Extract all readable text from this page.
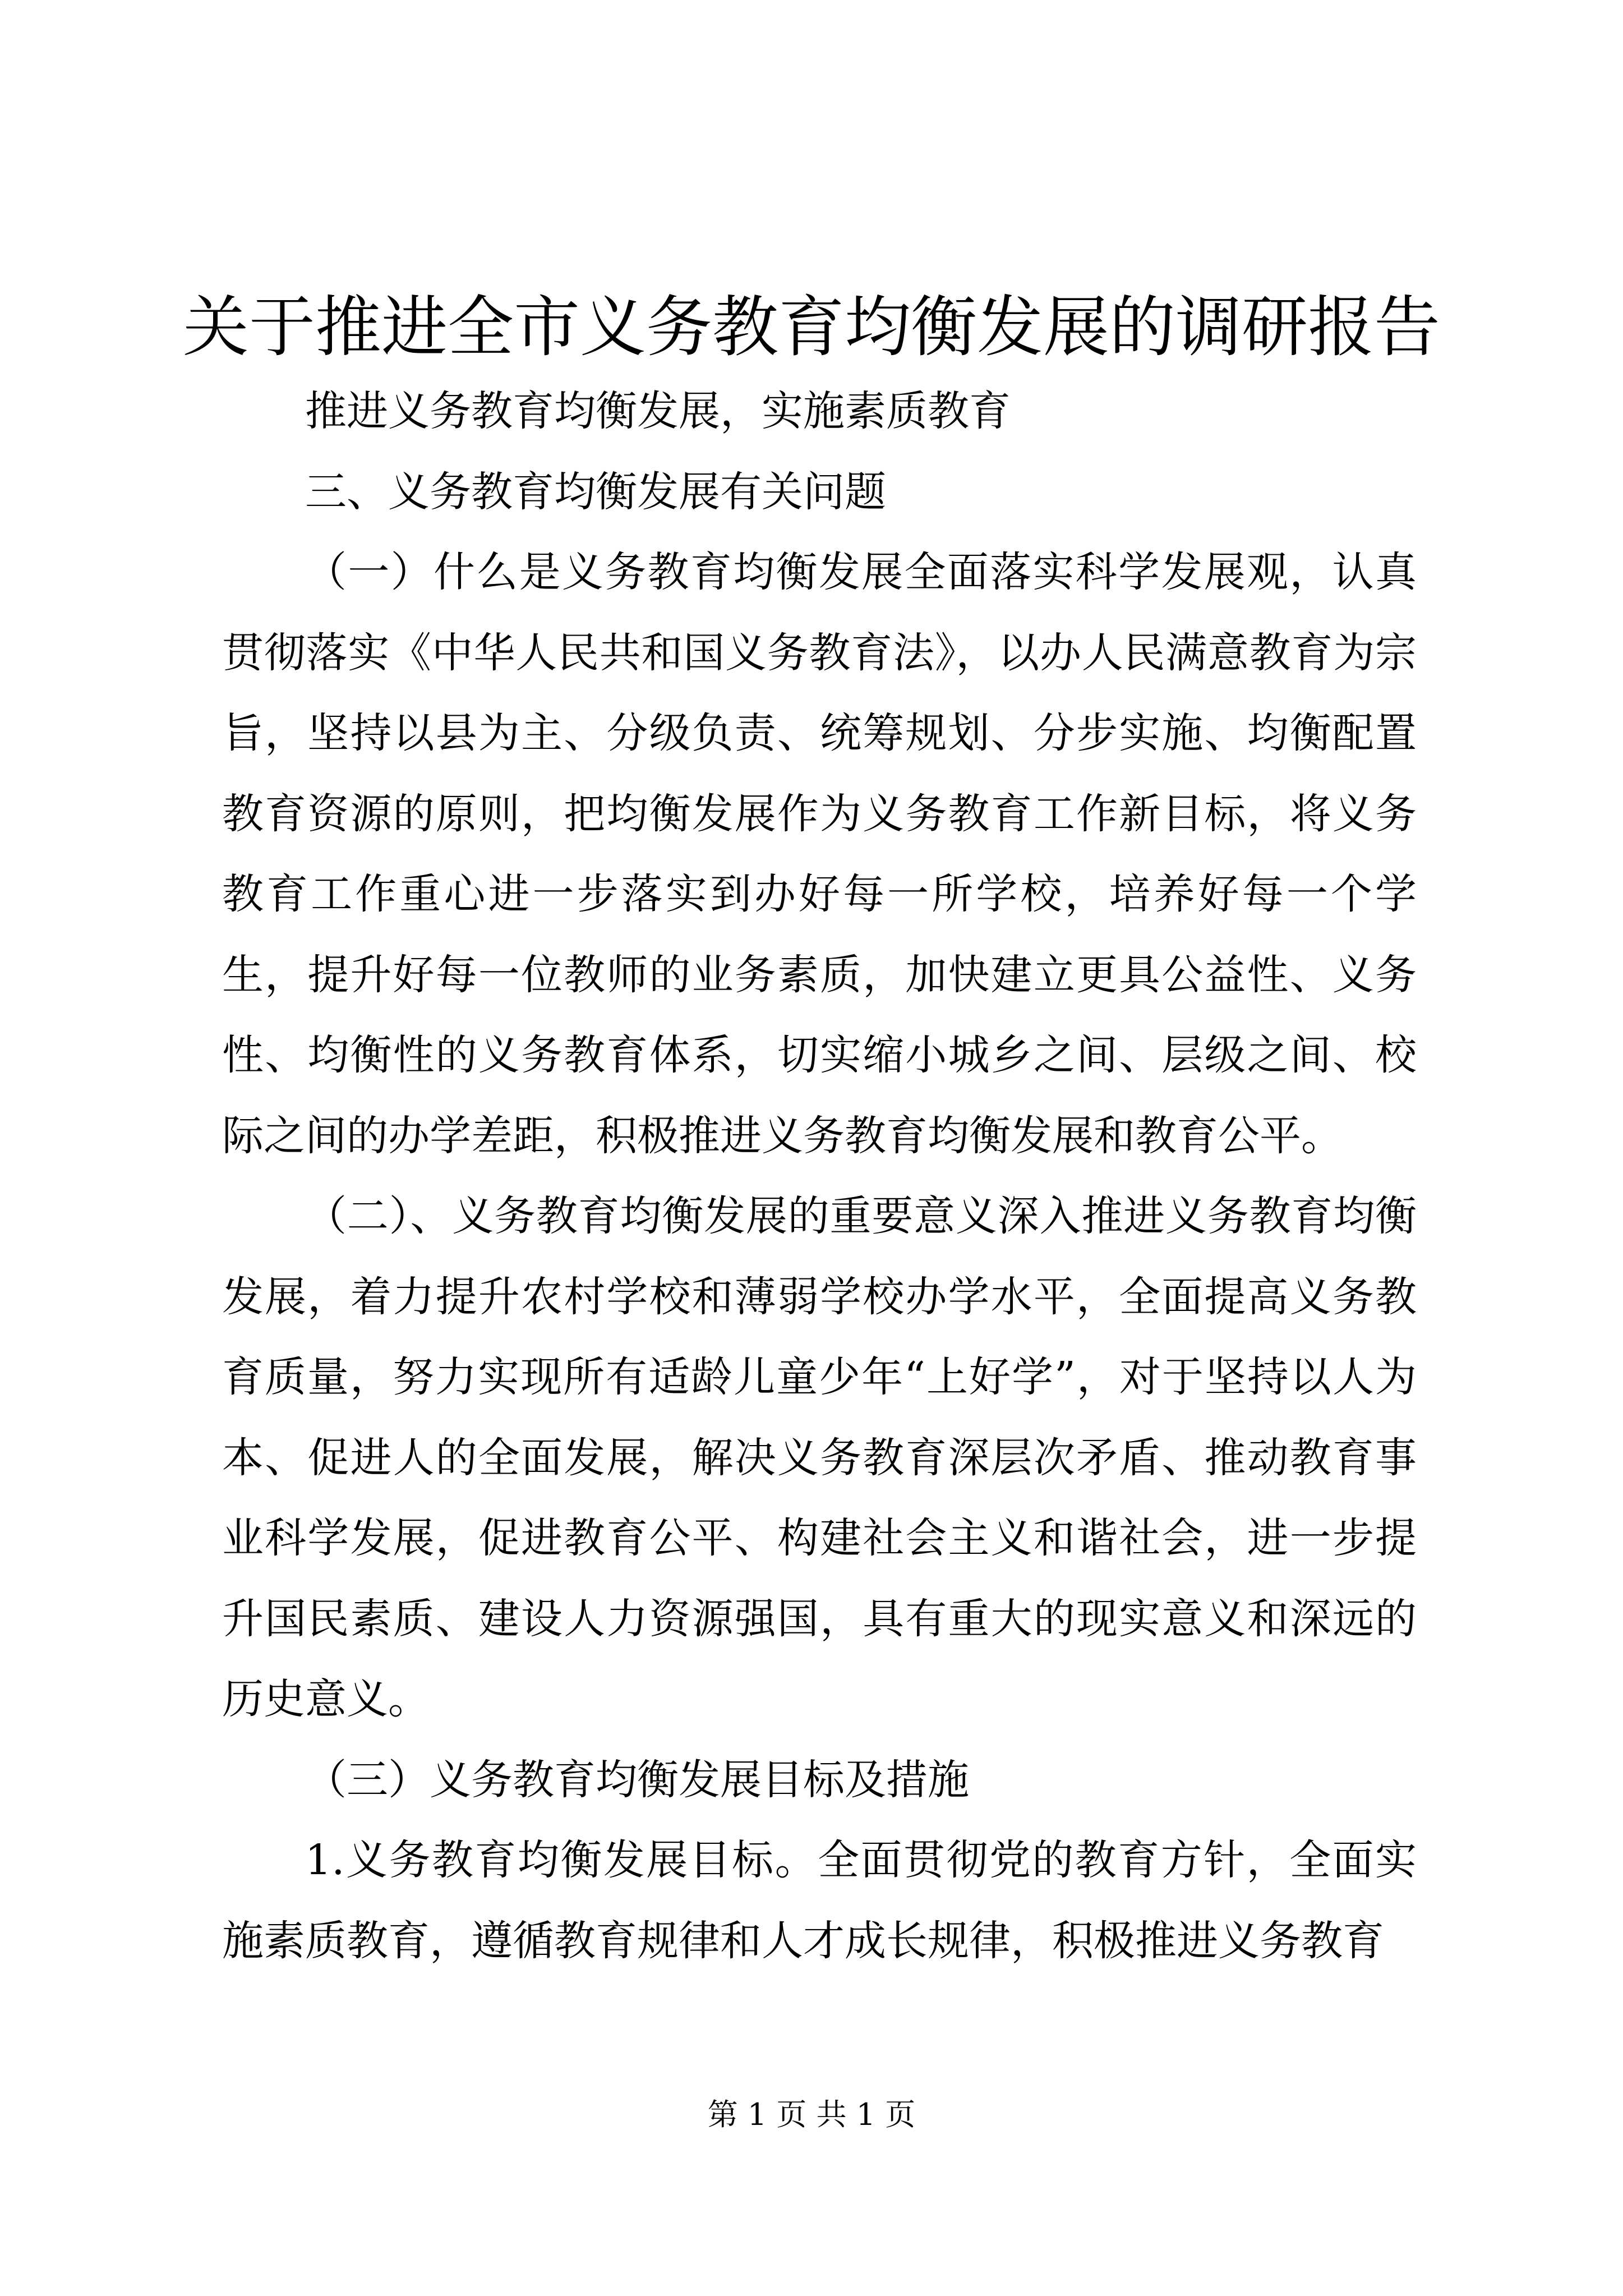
关于推进全市义务教育均衡发展的调研报告

推进义务教育均衡发展，实施素质教育

三、义务教育均衡发展有关问题

（一）什么是义务教育均衡发展全面落实科学发展观，认真贯彻落实《中华人民共和国义务教育法》，以办人民满意教育为宗旨，坚持以县为主、分级负责、统筹规划、分步实施、均衡配置教育资源的原则，把均衡发展作为义务教育工作新目标，将义务教育工作重心进一步落实到办好每一所学校，培养好每一个学生，提升好每一位教师的业务素质，加快建立更具公益性、义务性、均衡性的义务教育体系，切实缩小城乡之间、层级之间、校际之间的办学差距，积极推进义务教育均衡发展和教育公平。

（二）、义务教育均衡发展的重要意义深入推进义务教育均衡发展，着力提升农村学校和薄弱学校办学水平，全面提高义务教育质量，努力实现所有适龄儿童少年“上好学”，对于坚持以人为本、促进人的全面发展，解决义务教育深层次矛盾、推动教育事业科学发展，促进教育公平、构建社会主义和谐社会，进一步提升国民素质、建设人力资源强国，具有重大的现实意义和深远的历史意义。

（三）义务教育均衡发展目标及措施

1.义务教育均衡发展目标。全面贯彻党的教育方针，全面实施素质教育，遵循教育规律和人才成长规律，积极推进义务教育

第 1 页 共 1 页
